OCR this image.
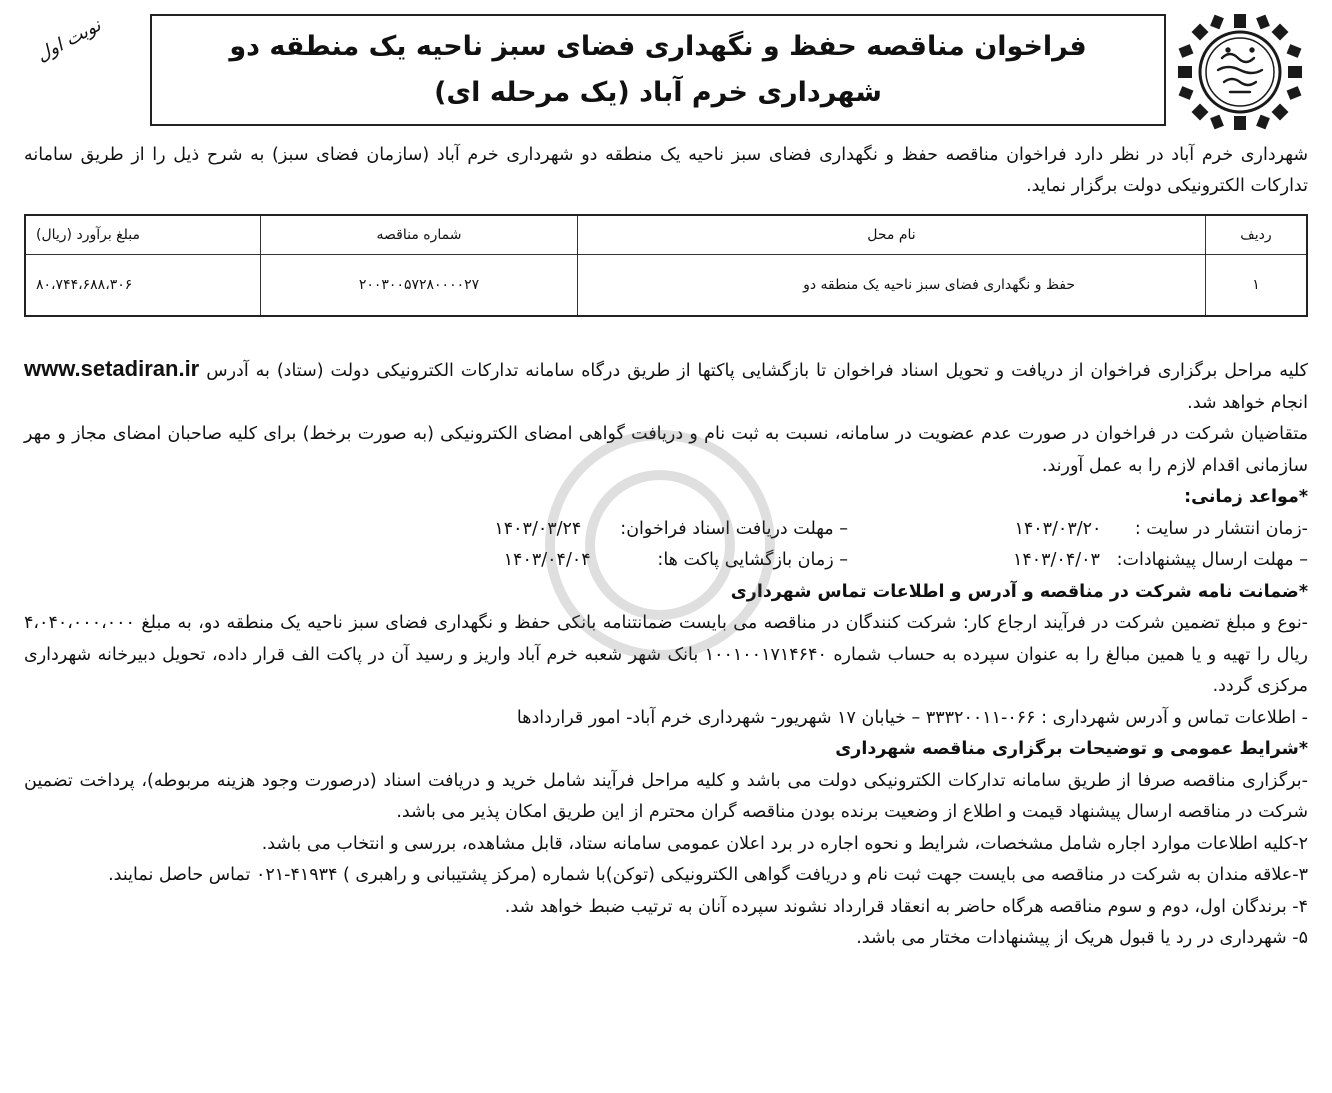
فراخوان مناقصه حفظ و نگهداری فضای سبز ناحیه یک منطقه دو
شهرداری خرم آباد (یک مرحله ای)
نوبت اول

شهرداری خرم آباد در نظر دارد فراخوان مناقصه حفظ و نگهداری فضای سبز ناحیه یک منطقه دو شهرداری خرم آباد (سازمان فضای سبز) به شرح ذیل را از طریق سامانه تدارکات الکترونیکی دولت برگزار نماید.

ردیف	نام محل	شماره مناقصه	مبلغ برآورد (ریال)
۱	حفظ و نگهداری فضای سبز ناحیه یک منطقه دو	۲۰۰۳۰۰۵۷۲۸۰۰۰۰۲۷	۸۰،۷۴۴،۶۸۸،۳۰۶

کلیه مراحل برگزاری فراخوان از دریافت و تحویل اسناد فراخوان تا بازگشایی پاکتها از طریق درگاه سامانه تدارکات الکترونیکی دولت (ستاد) به آدرس www.setadiran.ir انجام خواهد شد.

متقاضیان شرکت در فراخوان در صورت عدم عضویت در سامانه، نسبت به ثبت نام و دریافت گواهی امضای الکترونیکی (به صورت برخط) برای کلیه صاحبان امضای مجاز و مهر سازمانی اقدام لازم را به عمل آورند.

*مواعد زمانی:

-زمان انتشار در سایت :      ۱۴۰۳/۰۳/۲۰
– مهلت دریافت اسناد فراخوان:       ۱۴۰۳/۰۳/۲۴
– مهلت ارسال پیشنهادات:   ۱۴۰۳/۰۴/۰۳
– زمان بازگشایی پاکت ها:            ۱۴۰۳/۰۴/۰۴

*ضمانت نامه شرکت در مناقصه و آدرس و اطلاعات تماس شهرداری

-نوع و مبلغ تضمین شرکت در فرآیند ارجاع کار: شرکت کنندگان در مناقصه می بایست ضمانتنامه بانکی حفظ و نگهداری فضای سبز ناحیه یک منطقه دو، به مبلغ ۴،۰۴۰،۰۰۰،۰۰۰ ریال را تهیه و یا همین مبالغ را به عنوان سپرده به حساب شماره ۱۰۰۱۰۰۱۷۱۴۶۴۰ بانک شهر شعبه خرم آباد واریز و رسید آن در پاکت الف قرار داده، تحویل دبیرخانه شهرداری مرکزی گردد.

- اطلاعات تماس و آدرس شهرداری : ۰۶۶-۳۳۳۲۰۰۱۱ – خیابان ۱۷ شهریور- شهرداری خرم آباد- امور قراردادها

*شرایط عمومی و توضیحات برگزاری مناقصه شهرداری

-برگزاری مناقصه صرفا از طریق سامانه تدارکات الکترونیکی دولت می باشد و کلیه مراحل فرآیند شامل خرید و دریافت اسناد (درصورت وجود هزینه مربوطه)، پرداخت تضمین شرکت در مناقصه ارسال پیشنهاد قیمت و اطلاع از وضعیت برنده بودن مناقصه گران محترم از این طریق امکان پذیر می باشد.

۲-کلیه اطلاعات موارد اجاره شامل مشخصات، شرایط و نحوه اجاره در برد اعلان عمومی سامانه ستاد، قابل مشاهده، بررسی و انتخاب می باشد.

۳-علاقه مندان به شرکت در مناقصه می بایست جهت ثبت نام و دریافت گواهی الکترونیکی (توکن)با شماره (مرکز پشتیبانی و راهبری ) ۴۱۹۳۴-۰۲۱ تماس حاصل نمایند.

۴- برندگان اول، دوم و سوم مناقصه هرگاه حاضر به انعقاد قرارداد نشوند سپرده آنان به ترتیب ضبط خواهد شد.

۵- شهرداری در رد یا قبول هریک از پیشنهادات مختار می باشد.
